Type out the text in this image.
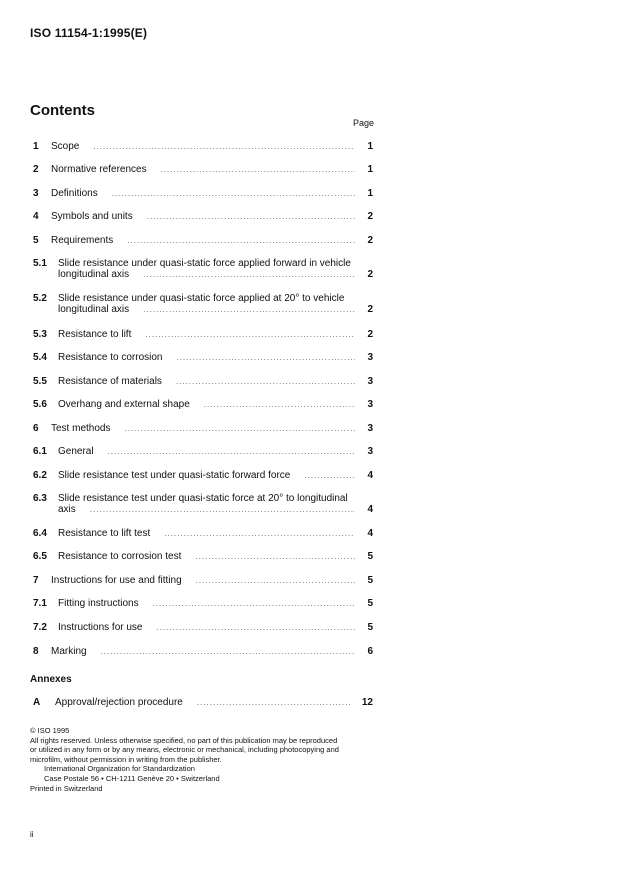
ISO 11154-1:1995(E)
Contents
Page
1 Scope .....	1
2 Normative references .....	1
3 Definitions .....	1
4 Symbols and units .....	2
5 Requirements .....	2
5.1	Slide resistance under quasi-static force applied forward in vehicle
longitudinal axis .....	2
5.2	Slide resistance under quasi-static force applied at 20° to vehicle
longitudinal axis .....	2
5.3 Resistance to lift .....	2
5.4 Resistance to corrosion .....	3
5.5 Resistance of materials .....	3
5.6 Overhang and external shape .....	3
6 Test methods .....	3
6.1 General .....	3
6.2 Slide resistance test under quasi-static forward force .....	4
6.3	Slide resistance test under quasi-static force at 20° to longitudinal
axis .....	4
6.4 Resistance to lift test .....	4
6.5 Resistance to corrosion test .....	5
7 Instructions for use and fitting .....	5
7.1 Fitting instructions .....	5
7.2 Instructions for use .....	5
8 Marking .....	6
Annexes
A Approval/rejection procedure .....	12
© ISO 1995
All rights reserved. Unless otherwise specified, no part of this publication may be reproduced
or utilized in any form or by any means, electronic or mechanical, including photocopying and
microfilm, without permission in writing from the publisher.
International Organization for Standardization
Case Postale 56 • CH-1211 Genève 20 • Switzerland
Printed in Switzerland
ii
